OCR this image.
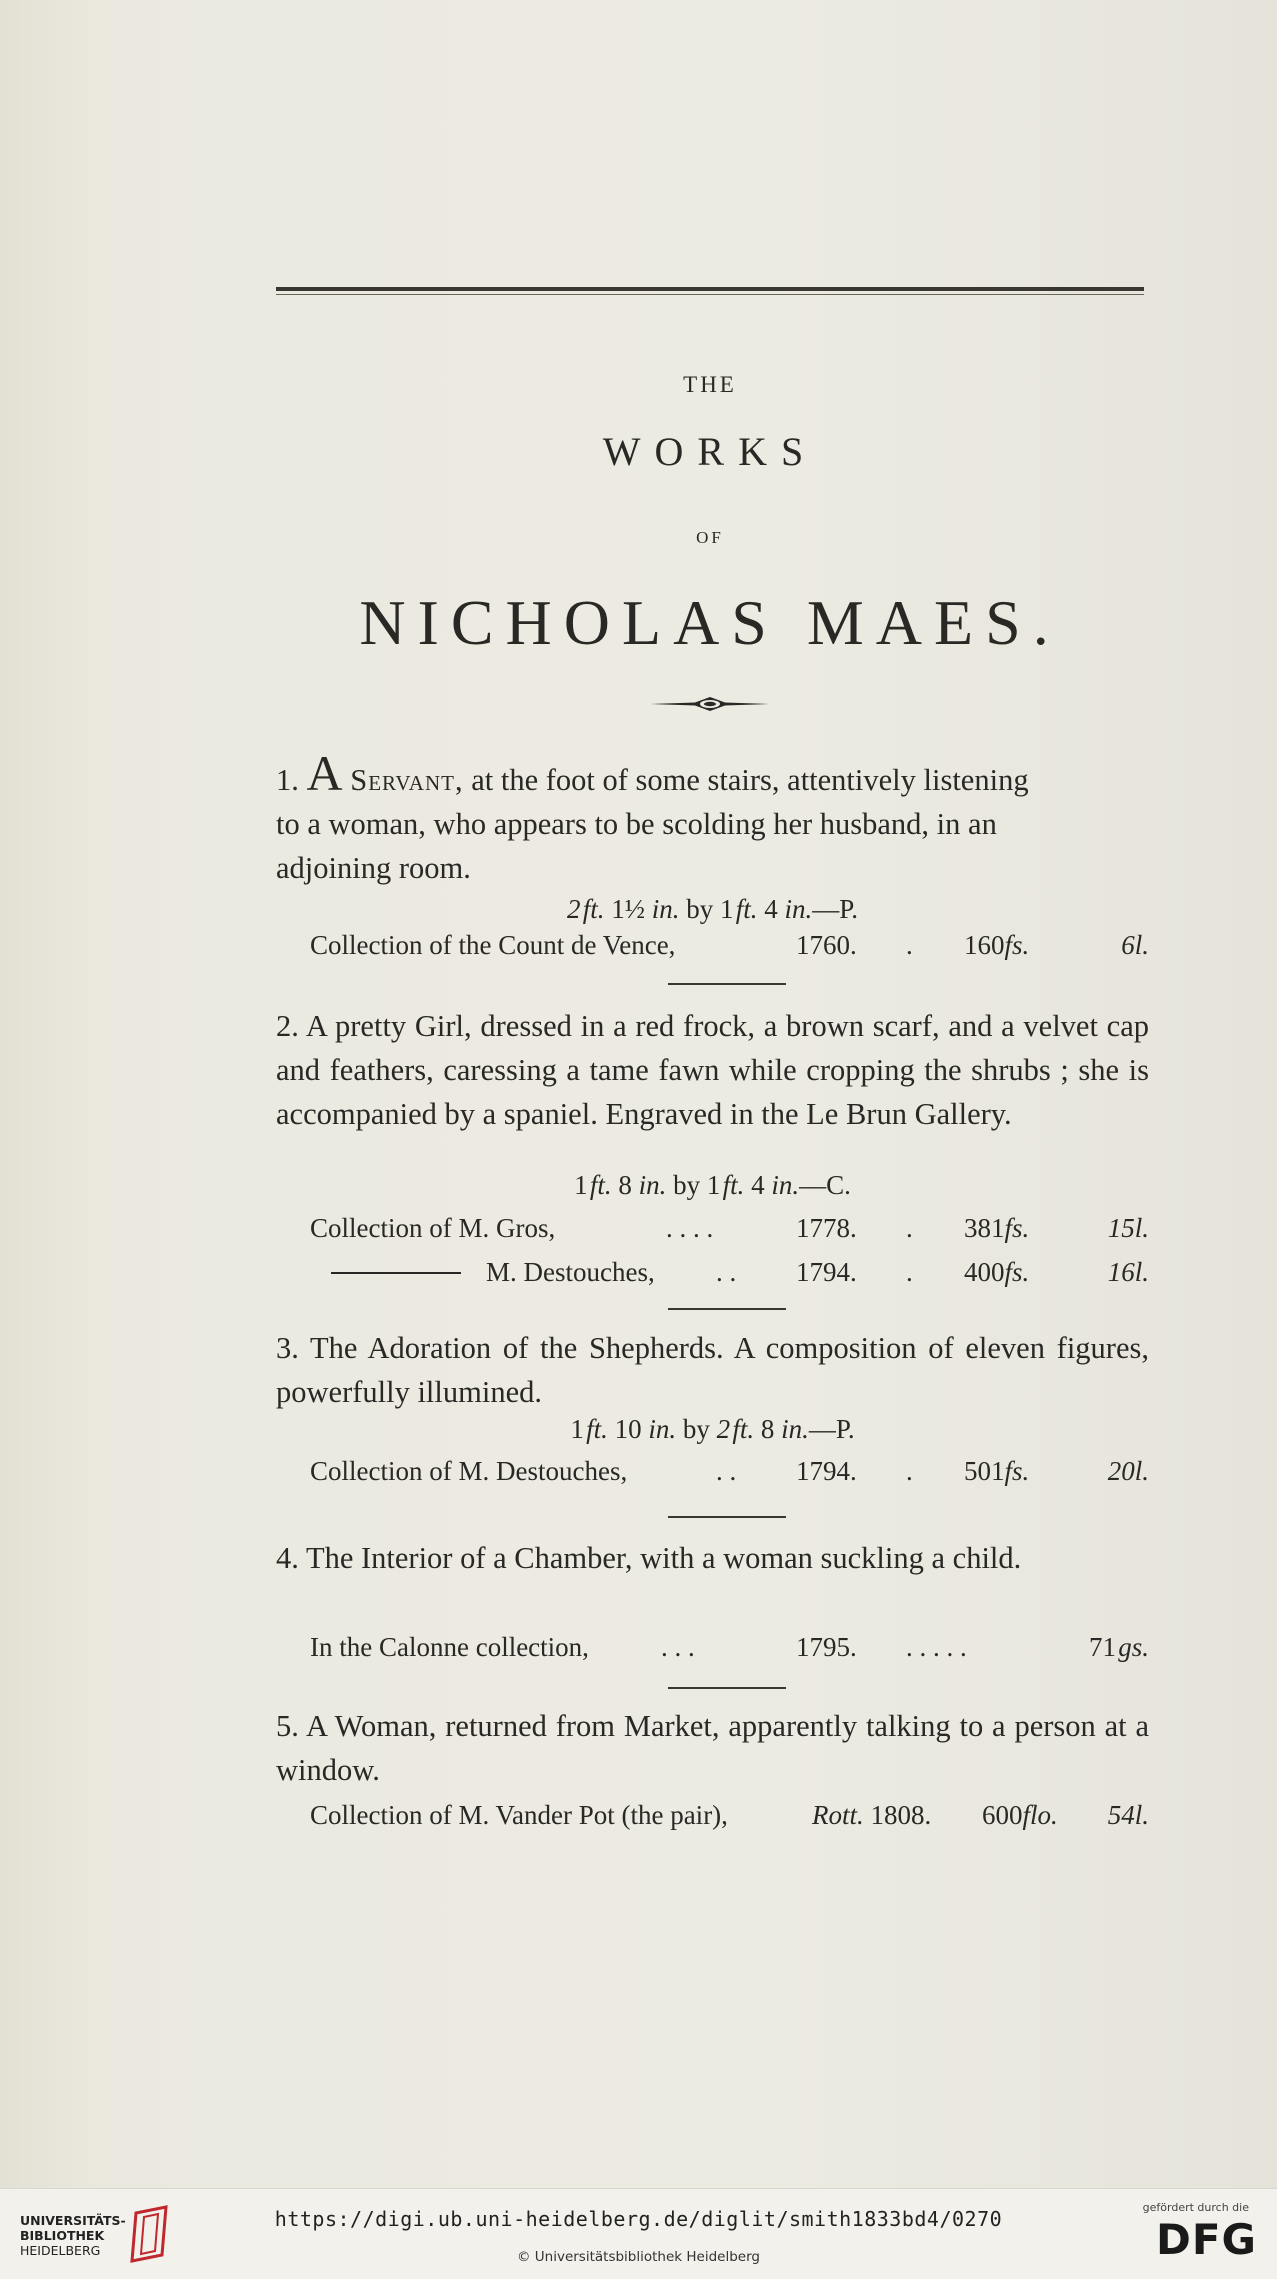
THE
WORKS
OF
NICHOLAS MAES.
1. A Servant, at the foot of some stairs, attentively listening
to a woman, who appears to be scolding her husband, in an
adjoining room.
2 ft. 1½ in. by 1 ft. 4 in.—P.
Collection of the Count de Vence,	1760. . 160fs.	6l.
2. A pretty Girl, dressed in a red frock, a brown scarf, and a velvet cap and feathers, caressing a tame fawn while cropping the shrubs ; she is accompanied by a spaniel. Engraved in the Le Brun Gallery.
1 ft. 8 in. by 1 ft. 4 in.—C.
Collection of M. Gros,	. . . .	1778. . 381fs.	15l.
M. Destouches, . . 1794. . 400fs.	16l.
3. The Adoration of the Shepherds. A composition of eleven figures, powerfully illumined.
1 ft. 10 in. by 2 ft. 8 in.—P.
Collection of M. Destouches,	. . 1794. . 501fs.	20l.
4. The Interior of a Chamber, with a woman suckling a child.
In the Calonne collection,	. . .	1795. . . . . .	71 gs.
5. A Woman, returned from Market, apparently talking to a person at a window.
Collection of M. Vander Pot (the pair),	Rott. 1808. 600flo. 54l.
UNIVERSITÄTS-
BIBLIOTHEK
HEIDELBERG
https://digi.ub.uni-heidelberg.de/diglit/smith1833bd4/0270
© Universitätsbibliothek Heidelberg
gefördert durch die
DFG
